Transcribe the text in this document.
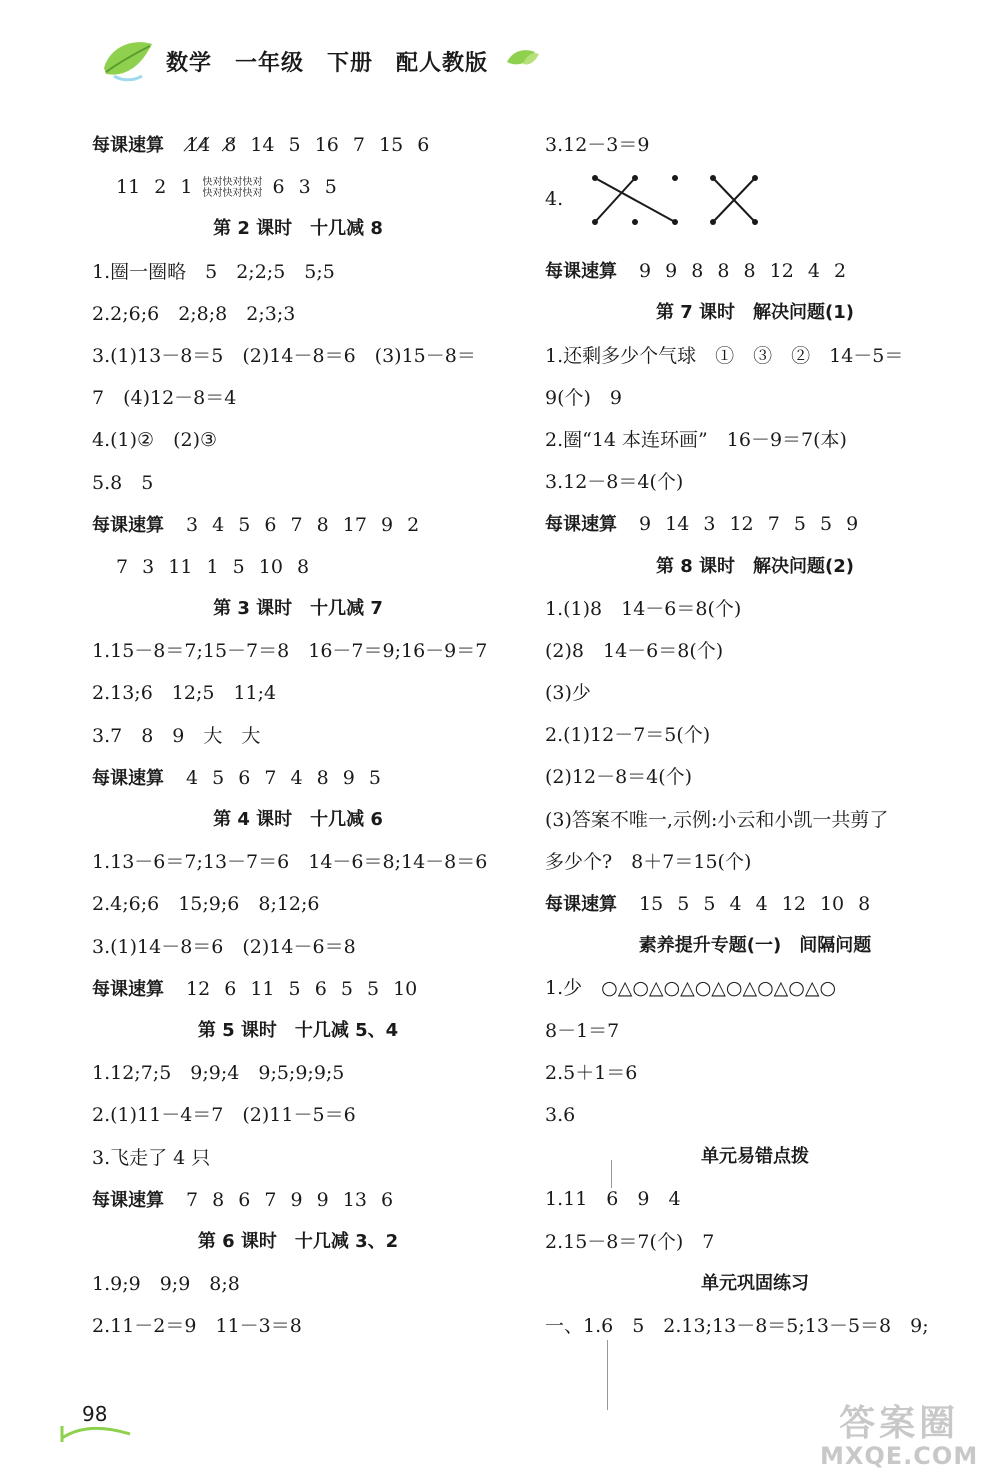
数学　一年级　下册　配人教版
每课速算 1̸4̸ 8̸ 14 5 16 7 15 6
11 2 1 快对快对快对
快对快对快对 6 3 5
第 2 课时　十几减 8
1.圈一圈略　5　2;2;5　5;5
2.2;6;6　2;8;8　2;3;3
3.(1)13－8＝5　(2)14－8＝6　(3)15－8＝
7　(4)12－8＝4
4.(1)②　(2)③
5.8　5
每课速算 3 4 5 6 7 8 17 9 2
7 3 11 1 5 10 8
第 3 课时　十几减 7
1.15－8＝7;15－7＝8　16－7＝9;16－9＝7
2.13;6　12;5　11;4
3.7　8　9　大　大
每课速算 4 5 6 7 4 8 9 5
第 4 课时　十几减 6
1.13－6＝7;13－7＝6　14－6＝8;14－8＝6
2.4;6;6　15;9;6　8;12;6
3.(1)14－8＝6　(2)14－6＝8
每课速算 12 6 11 5 6 5 5 10
第 5 课时　十几减 5、4
1.12;7;5　9;9;4　9;5;9;9;5
2.(1)11－4＝7　(2)11－5＝6
3.飞走了 4 只
每课速算 7 8 6 7 9 9 13 6
第 6 课时　十几减 3、2
1.9;9　9;9　8;8
2.11－2＝9　11－3＝8
3.12－3＝9
4.
每课速算 9 9 8 8 8 12 4 2
第 7 课时　解决问题(1)
1.还剩多少个气球　①　③　②　14－5＝
9(个)　9
2.圈“14 本连环画”　16－9＝7(本)
3.12－8＝4(个)
每课速算 9 14 3 12 7 5 5 9
第 8 课时　解决问题(2)
1.(1)8　14－6＝8(个)
(2)8　14－6＝8(个)
(3)少
2.(1)12－7＝5(个)
(2)12－8＝4(个)
(3)答案不唯一,示例:小云和小凯一共剪了
多少个?　8＋7＝15(个)
每课速算 15 5 5 4 4 12 10 8
素养提升专题(一)　间隔问题
1.少　○△○△○△○△○△○△○△○
8－1＝7
2.5＋1＝6
3.6
单元易错点拨
1.11　6　9　4
2.15－8＝7(个)　7
单元巩固练习
一、1.6　5　2.13;13－8＝5;13－5＝8　9;
98	答案圈
MXQE.COM
